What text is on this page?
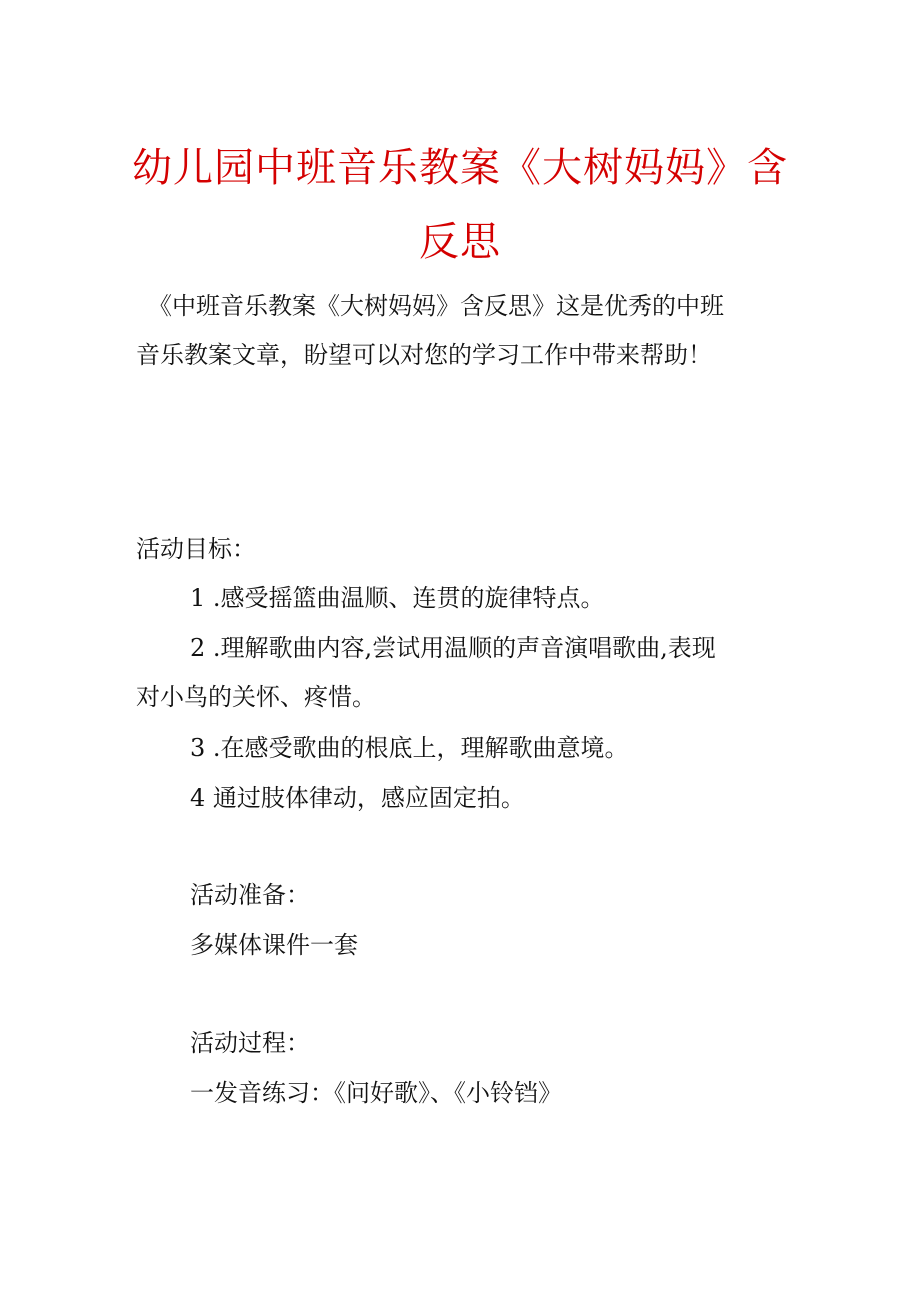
幼儿园中班音乐教案《大树妈妈》含
反思

《中班音乐教案《大树妈妈》含反思》这是优秀的中班

音乐教案文章，盼望可以对您的学习工作中带来帮助！

活动目标：

1 .感受摇篮曲温顺、连贯的旋律特点。

2 .理解歌曲内容,尝试用温顺的声音演唱歌曲,表现

对小鸟的关怀、疼惜。

3 .在感受歌曲的根底上，理解歌曲意境。

4 通过肢体律动，感应固定拍。

活动准备：

多媒体课件一套

活动过程：

一发音练习：《问好歌》、《小铃铛》
